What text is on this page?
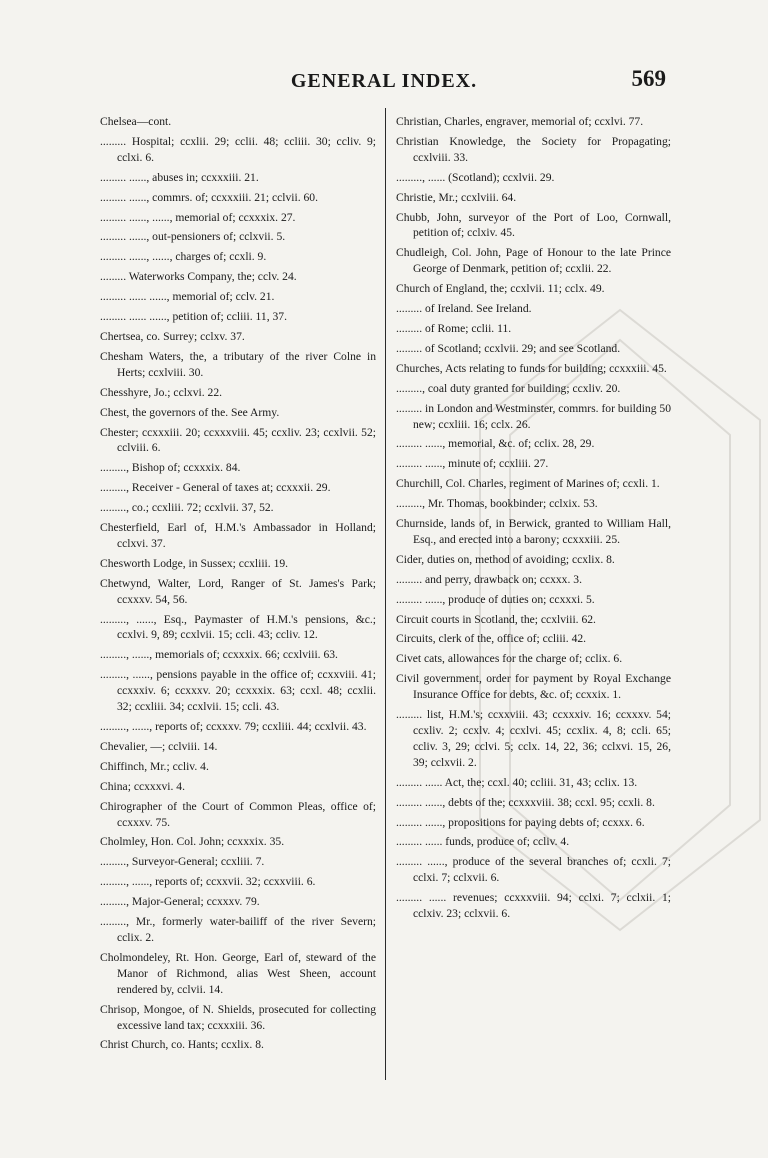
GENERAL INDEX.	569
Chelsea—cont.
......... Hospital; ccxlii. 29; cclii. 48; ccliii. 30; ccliv. 9; cclxi. 6.
......... ......, abuses in; ccxxxiii. 21.
......... ......, commrs. of; ccxxxiii. 21; cclvii. 60.
......... ......, ......, memorial of; ccxxxix. 27.
......... ......, out-pensioners of; cclxvii. 5.
......... ......, ......, charges of; ccxli. 9.
......... Waterworks Company, the; cclv. 24.
......... ...... ......, memorial of; cclv. 21.
......... ...... ......, petition of; ccliii. 11, 37.
Chertsea, co. Surrey; cclxv. 37.
Chesham Waters, the, a tributary of the river Colne in Herts; ccxlviii. 30.
Chesshyre, Jo.; cclxvi. 22.
Chest, the governors of the. See Army.
Chester; ccxxxiii. 20; ccxxxviii. 45; ccxliv. 23; ccxlvii. 52; cclviii. 6.
........., Bishop of; ccxxxix. 84.
........., Receiver - General of taxes at; ccxxxii. 29.
........., co.; ccxliii. 72; ccxlvii. 37, 52.
Chesterfield, Earl of, H.M.'s Ambassador in Holland; cclxvi. 37.
Chesworth Lodge, in Sussex; ccxliii. 19.
Chetwynd, Walter, Lord, Ranger of St. James's Park; ccxxxv. 54, 56.
........., ......, Esq., Paymaster of H.M.'s pensions, &c.; ccxlvi. 9, 89; ccxlvii. 15; ccli. 43; ccliv. 12.
........., ......, memorials of; ccxxxix. 66; ccxlviii. 63.
........., ......, pensions payable in the office of; ccxxviii. 41; ccxxxiv. 6; ccxxxv. 20; ccxxxix. 63; ccxl. 48; ccxlii. 32; ccxliii. 34; ccxlvii. 15; ccli. 43.
........., ......, reports of; ccxxxv. 79; ccxliii. 44; ccxlvii. 43.
Chevalier, —; cclviii. 14.
Chiffinch, Mr.; ccliv. 4.
China; ccxxxvi. 4.
Chirographer of the Court of Common Pleas, office of; ccxxxv. 75.
Cholmley, Hon. Col. John; ccxxxix. 35.
........., Surveyor-General; ccxliii. 7.
........., ......, reports of; ccxxvii. 32; ccxxviii. 6.
........., Major-General; ccxxxv. 79.
........., Mr., formerly water-bailiff of the river Severn; cclix. 2.
Cholmondeley, Rt. Hon. George, Earl of, steward of the Manor of Richmond, alias West Sheen, account rendered by, cclvii. 14.
Chrisop, Mongoe, of N. Shields, prosecuted for collecting excessive land tax; ccxxxiii. 36.
Christ Church, co. Hants; ccxlix. 8.
Christian, Charles, engraver, memorial of; ccxlvi. 77.
Christian Knowledge, the Society for Propagating; ccxlviii. 33.
........., ...... (Scotland); ccxlvii. 29.
Christie, Mr.; ccxlviii. 64.
Chubb, John, surveyor of the Port of Loo, Cornwall, petition of; cclxiv. 45.
Chudleigh, Col. John, Page of Honour to the late Prince George of Denmark, petition of; ccxlii. 22.
Church of England, the; ccxlvii. 11; cclx. 49.
......... of Ireland. See Ireland.
......... of Rome; cclii. 11.
......... of Scotland; ccxlvii. 29; and see Scotland.
Churches, Acts relating to funds for building; ccxxxiii. 45.
........., coal duty granted for building; ccxliv. 20.
......... in London and Westminster, commrs. for building 50 new; ccxliii. 16; cclx. 26.
......... ......, memorial, &c. of; cclix. 28, 29.
......... ......, minute of; ccxliii. 27.
Churchill, Col. Charles, regiment of Marines of; ccxli. 1.
........., Mr. Thomas, bookbinder; cclxix. 53.
Churnside, lands of, in Berwick, granted to William Hall, Esq., and erected into a barony; ccxxxiii. 25.
Cider, duties on, method of avoiding; ccxlix. 8.
......... and perry, drawback on; ccxxx. 3.
......... ......, produce of duties on; ccxxxi. 5.
Circuit courts in Scotland, the; ccxlviii. 62.
Circuits, clerk of the, office of; ccliii. 42.
Civet cats, allowances for the charge of; cclix. 6.
Civil government, order for payment by Royal Exchange Insurance Office for debts, &c. of; ccxxix. 1.
......... list, H.M.'s; ccxxviii. 43; ccxxxiv. 16; ccxxxv. 54; ccxliv. 2; ccxlv. 4; ccxlvi. 45; ccxlix. 4, 8; ccli. 65; ccliv. 3, 29; cclvi. 5; cclx. 14, 22, 36; cclxvi. 15, 26, 39; cclxvii. 2.
......... ...... Act, the; ccxl. 40; ccliii. 31, 43; cclix. 13.
......... ......, debts of the; ccxxxviii. 38; ccxl. 95; ccxli. 8.
......... ......, propositions for paying debts of; ccxxx. 6.
......... ...... funds, produce of; ccliv. 4.
......... ......, produce of the several branches of; ccxli. 7; cclxi. 7; cclxvii. 6.
......... ...... revenues; ccxxxviii. 94; cclxi. 7; cclxii. 1; cclxiv. 23; cclxvii. 6.
